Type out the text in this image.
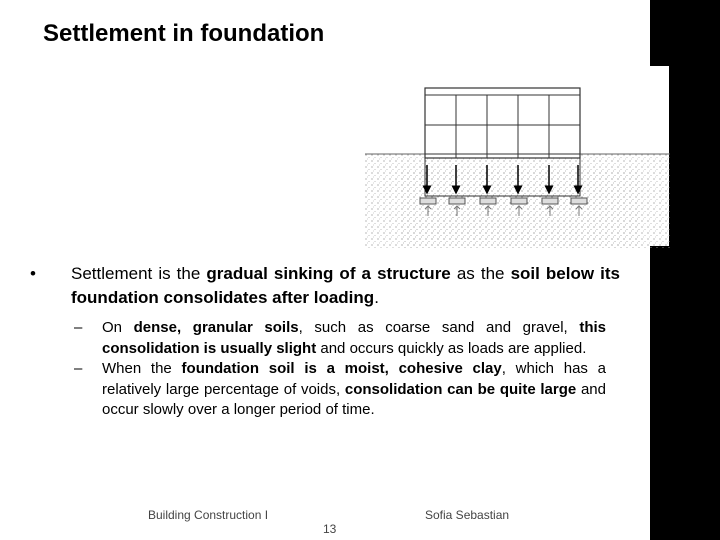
Settlement in foundation
• Settlement is the gradual sinking of a structure as the soil below its foundation consolidates after loading.
– On dense, granular soils, such as coarse sand and gravel, this consolidation is usually slight and occurs quickly as loads are applied.
– When the foundation soil is a moist, cohesive clay, which has a relatively large percentage of voids, consolidation can be quite large and occur slowly over a longer period of time.
Building Construction I	Sofia Sebastian
13
